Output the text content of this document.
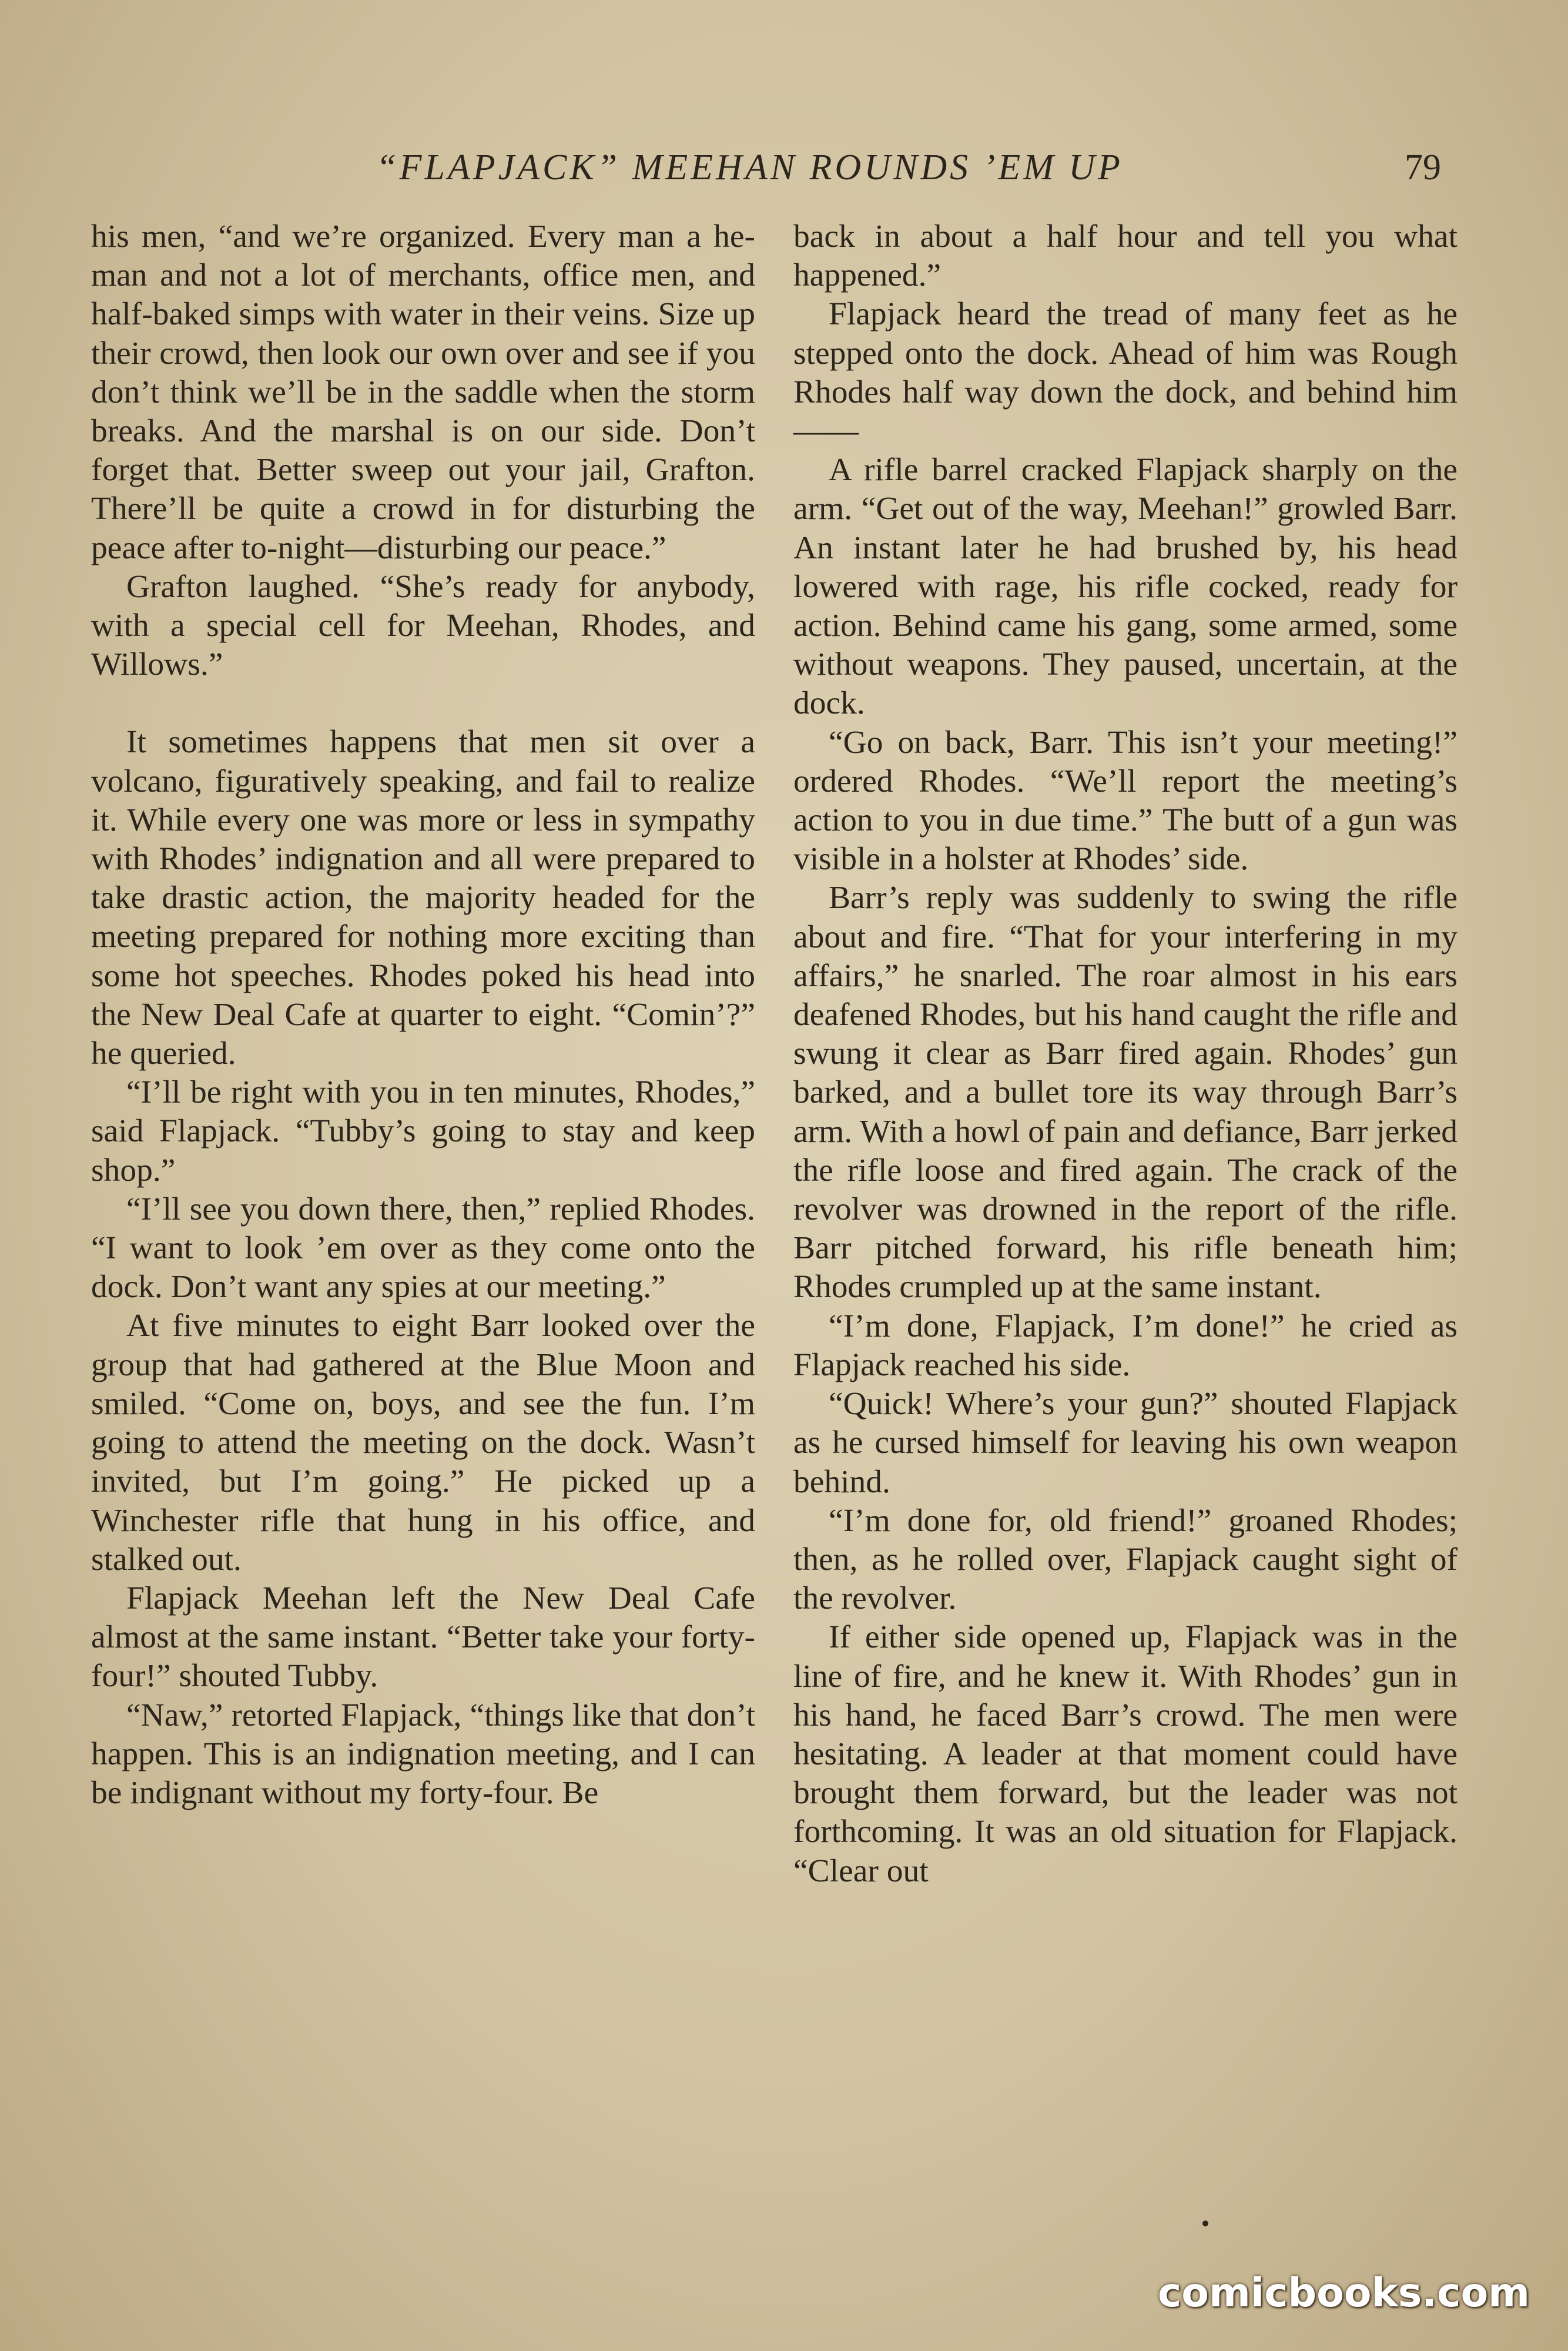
“FLAPJACK” MEEHAN ROUNDS ’EM UP	79

his men, “and we’re organized. Every man a he-man and not a lot of merchants, office men, and half-baked simps with water in their veins. Size up their crowd, then look our own over and see if you don’t think we’ll be in the saddle when the storm breaks. And the marshal is on our side. Don’t forget that. Better sweep out your jail, Grafton. There’ll be quite a crowd in for disturbing the peace after to-night—disturbing our peace.”

Grafton laughed. “She’s ready for anybody, with a special cell for Meehan, Rhodes, and Willows.”

It sometimes happens that men sit over a volcano, figuratively speaking, and fail to realize it. While every one was more or less in sympathy with Rhodes’ indignation and all were prepared to take drastic action, the majority headed for the meeting prepared for nothing more exciting than some hot speeches. Rhodes poked his head into the New Deal Cafe at quarter to eight. “Comin’?” he queried.

“I’ll be right with you in ten minutes, Rhodes,” said Flapjack. “Tubby’s going to stay and keep shop.”

“I’ll see you down there, then,” replied Rhodes. “I want to look ’em over as they come onto the dock. Don’t want any spies at our meeting.”

At five minutes to eight Barr looked over the group that had gathered at the Blue Moon and smiled. “Come on, boys, and see the fun. I’m going to attend the meeting on the dock. Wasn’t invited, but I’m going.” He picked up a Winchester rifle that hung in his office, and stalked out.

Flapjack Meehan left the New Deal Cafe almost at the same instant. “Better take your forty-four!” shouted Tubby.

“Naw,” retorted Flapjack, “things like that don’t happen. This is an indignation meeting, and I can be indignant without my forty-four. Be

back in about a half hour and tell you what happened.”

Flapjack heard the tread of many feet as he stepped onto the dock. Ahead of him was Rough Rhodes half way down the dock, and behind him——

A rifle barrel cracked Flapjack sharply on the arm. “Get out of the way, Meehan!” growled Barr. An instant later he had brushed by, his head lowered with rage, his rifle cocked, ready for action. Behind came his gang, some armed, some without weapons. They paused, uncertain, at the dock.

“Go on back, Barr. This isn’t your meeting!” ordered Rhodes. “We’ll report the meeting’s action to you in due time.” The butt of a gun was visible in a holster at Rhodes’ side.

Barr’s reply was suddenly to swing the rifle about and fire. “That for your interfering in my affairs,” he snarled. The roar almost in his ears deafened Rhodes, but his hand caught the rifle and swung it clear as Barr fired again. Rhodes’ gun barked, and a bullet tore its way through Barr’s arm. With a howl of pain and defiance, Barr jerked the rifle loose and fired again. The crack of the revolver was drowned in the report of the rifle. Barr pitched forward, his rifle beneath him; Rhodes crumpled up at the same instant.

“I’m done, Flapjack, I’m done!” he cried as Flapjack reached his side.

“Quick! Where’s your gun?” shouted Flapjack as he cursed himself for leaving his own weapon behind.

“I’m done for, old friend!” groaned Rhodes; then, as he rolled over, Flapjack caught sight of the revolver.

If either side opened up, Flapjack was in the line of fire, and he knew it. With Rhodes’ gun in his hand, he faced Barr’s crowd. The men were hesitating. A leader at that moment could have brought them forward, but the leader was not forthcoming. It was an old situation for Flapjack. “Clear out

comicbooks.com
